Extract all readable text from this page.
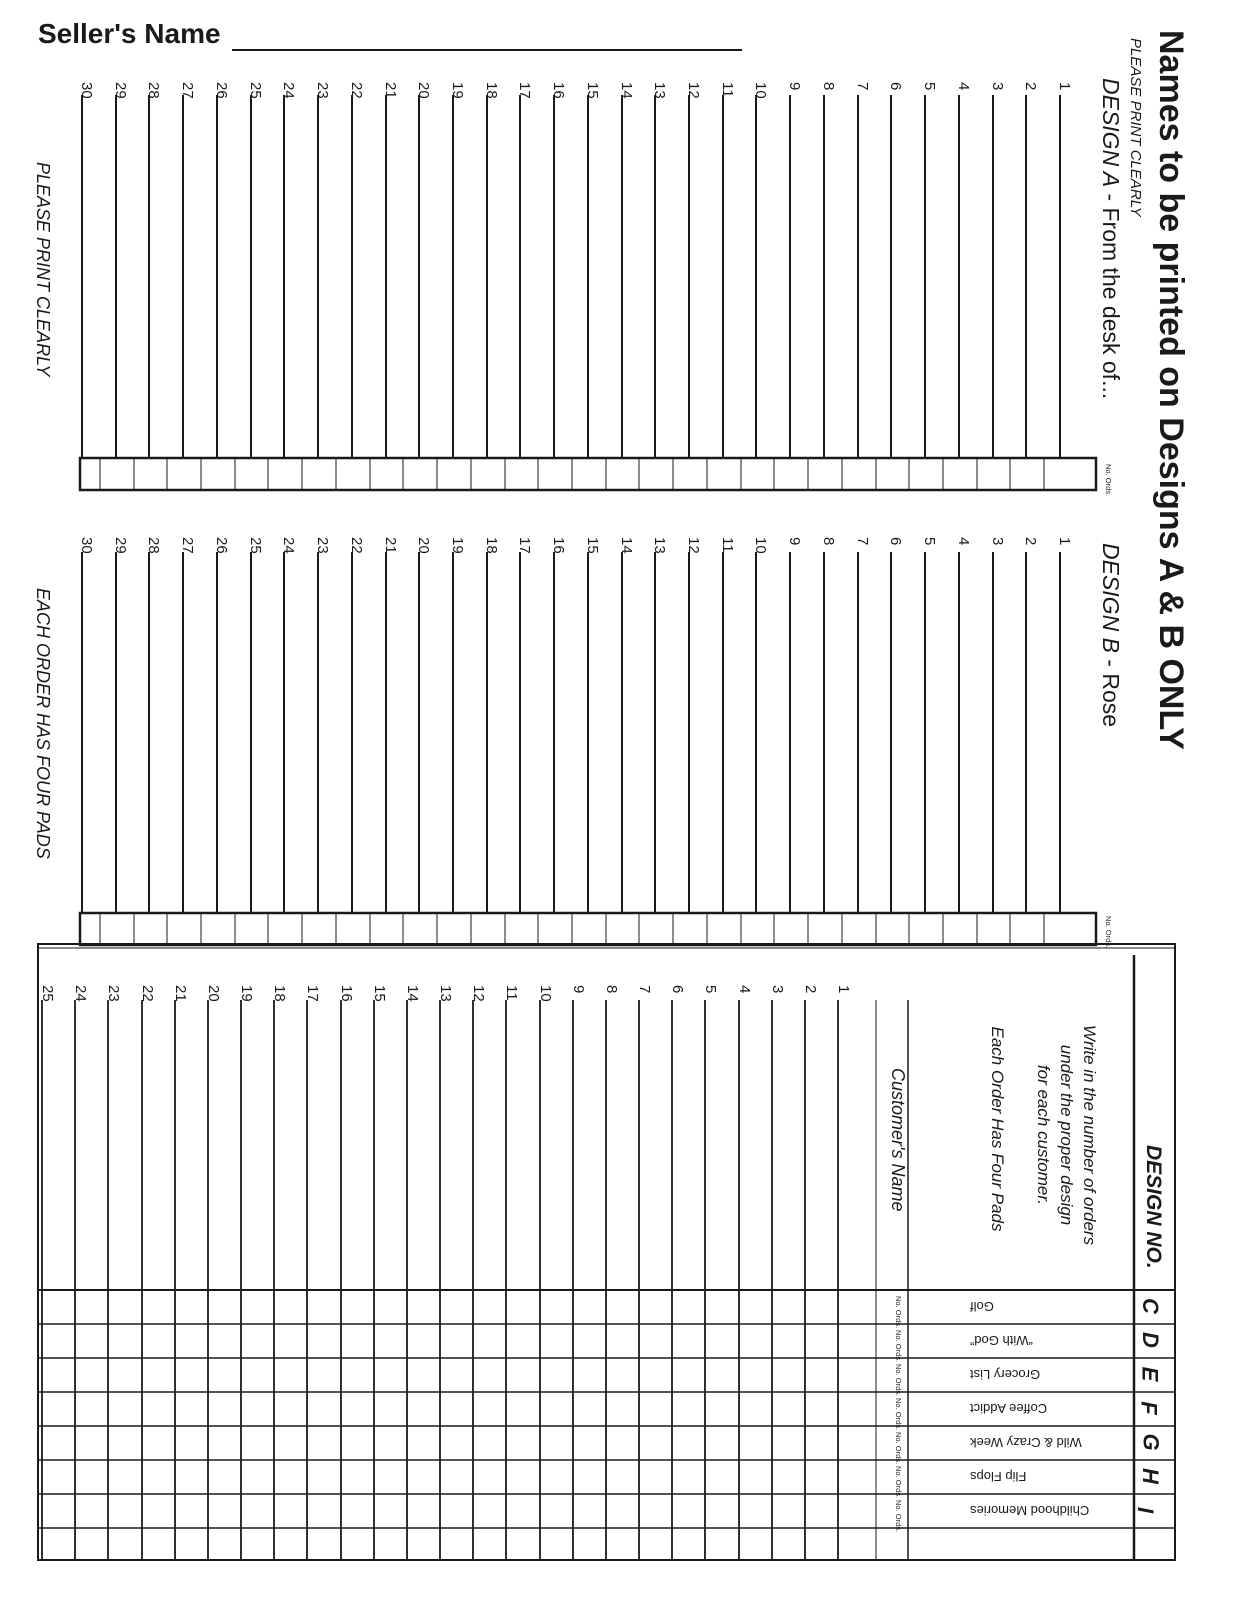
Seller's Name	Names to be printed on Designs A & B ONLY
PLEASE PRINT CLEARLY
DESIGN A - From the desk of...
DESIGN B - Rose
PLEASE PRINT CLEARLY
EACH ORDER HAS FOUR PADS
No. Ords.
No. Ords.
1
2
3
4
5
6
7
8
9
10
11
12
13
14
15
16
17
18
19
20
21
22
23
24
25
26
27
28
29
30
1
2
3
4
5
6
7
8
9
10
11
12
13
14
15
16
17
18
19
20
21
22
23
24
25
26
27
28
29
30
1
2
3
4
5
6
7
8
9
10
11
12
13
14
15
16
17
18
19
20
21
22
23
24
25
C
Golf
No. Ords.
D
“With God”
No. Ords.
E
Grocery List
No. Ords.
F
Coffee Addict
No. Ords.
G
Wild & Crazy Week
No. Ords.
H
Flip Flops
No. Ords.
I
Childhood Memories
No. Ords.
DESIGN NO.
Write in the number of orders
under the proper design
for each customer.
Each Order Has Four Pads
Customer's Name
